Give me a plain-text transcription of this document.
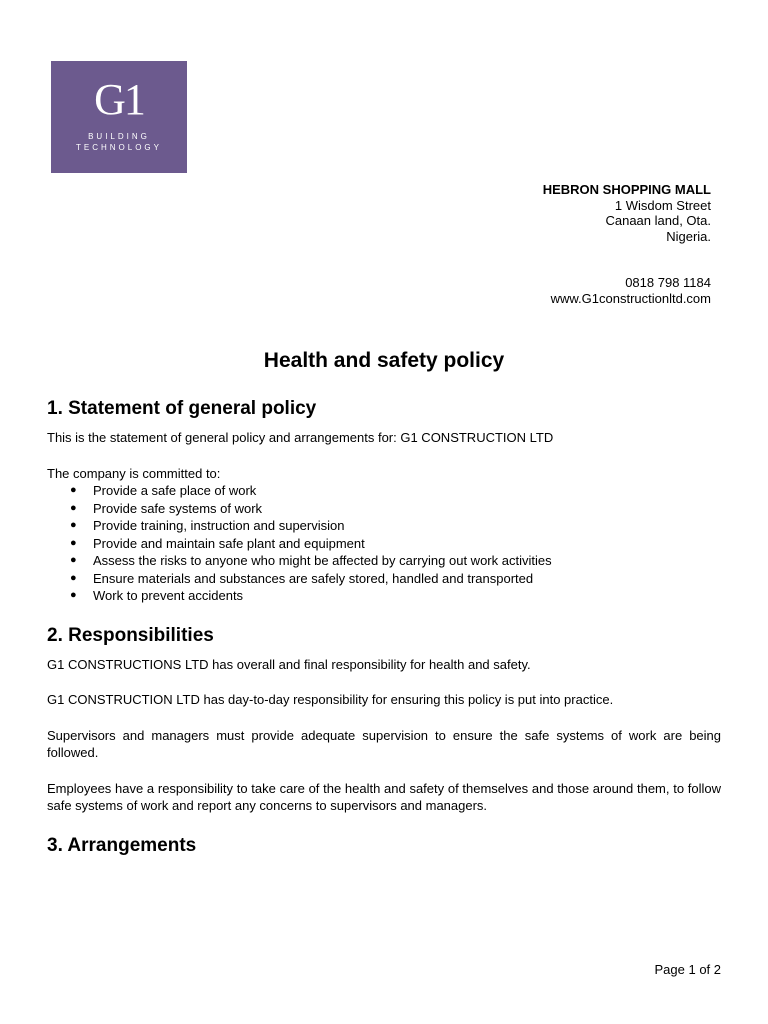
G1
BUILDING
TECHNOLOGY
HEBRON SHOPPING MALL
1 Wisdom Street
Canaan land, Ota.
Nigeria.
0818 798 1184
www.G1constructionltd.com
Health and safety policy
1. Statement of general policy

This is the statement of general policy and arrangements for: G1 CONSTRUCTION LTD

The company is committed to:

● Provide a safe place of work
● Provide safe systems of work
● Provide training, instruction and supervision
● Provide and maintain safe plant and equipment
● Assess the risks to anyone who might be affected by carrying out work activities
● Ensure materials and substances are safely stored, handled and transported
● Work to prevent accidents
2. Responsibilities

G1 CONSTRUCTIONS LTD has overall and final responsibility for health and safety.

G1 CONSTRUCTION LTD has day-to-day responsibility for ensuring this policy is put into practice.

Supervisors and managers must provide adequate supervision to ensure the safe systems of work are being followed.

Employees have a responsibility to take care of the health and safety of themselves and those around them, to follow safe systems of work and report any concerns to supervisors and managers.

3. Arrangements
Page 1 of 2
